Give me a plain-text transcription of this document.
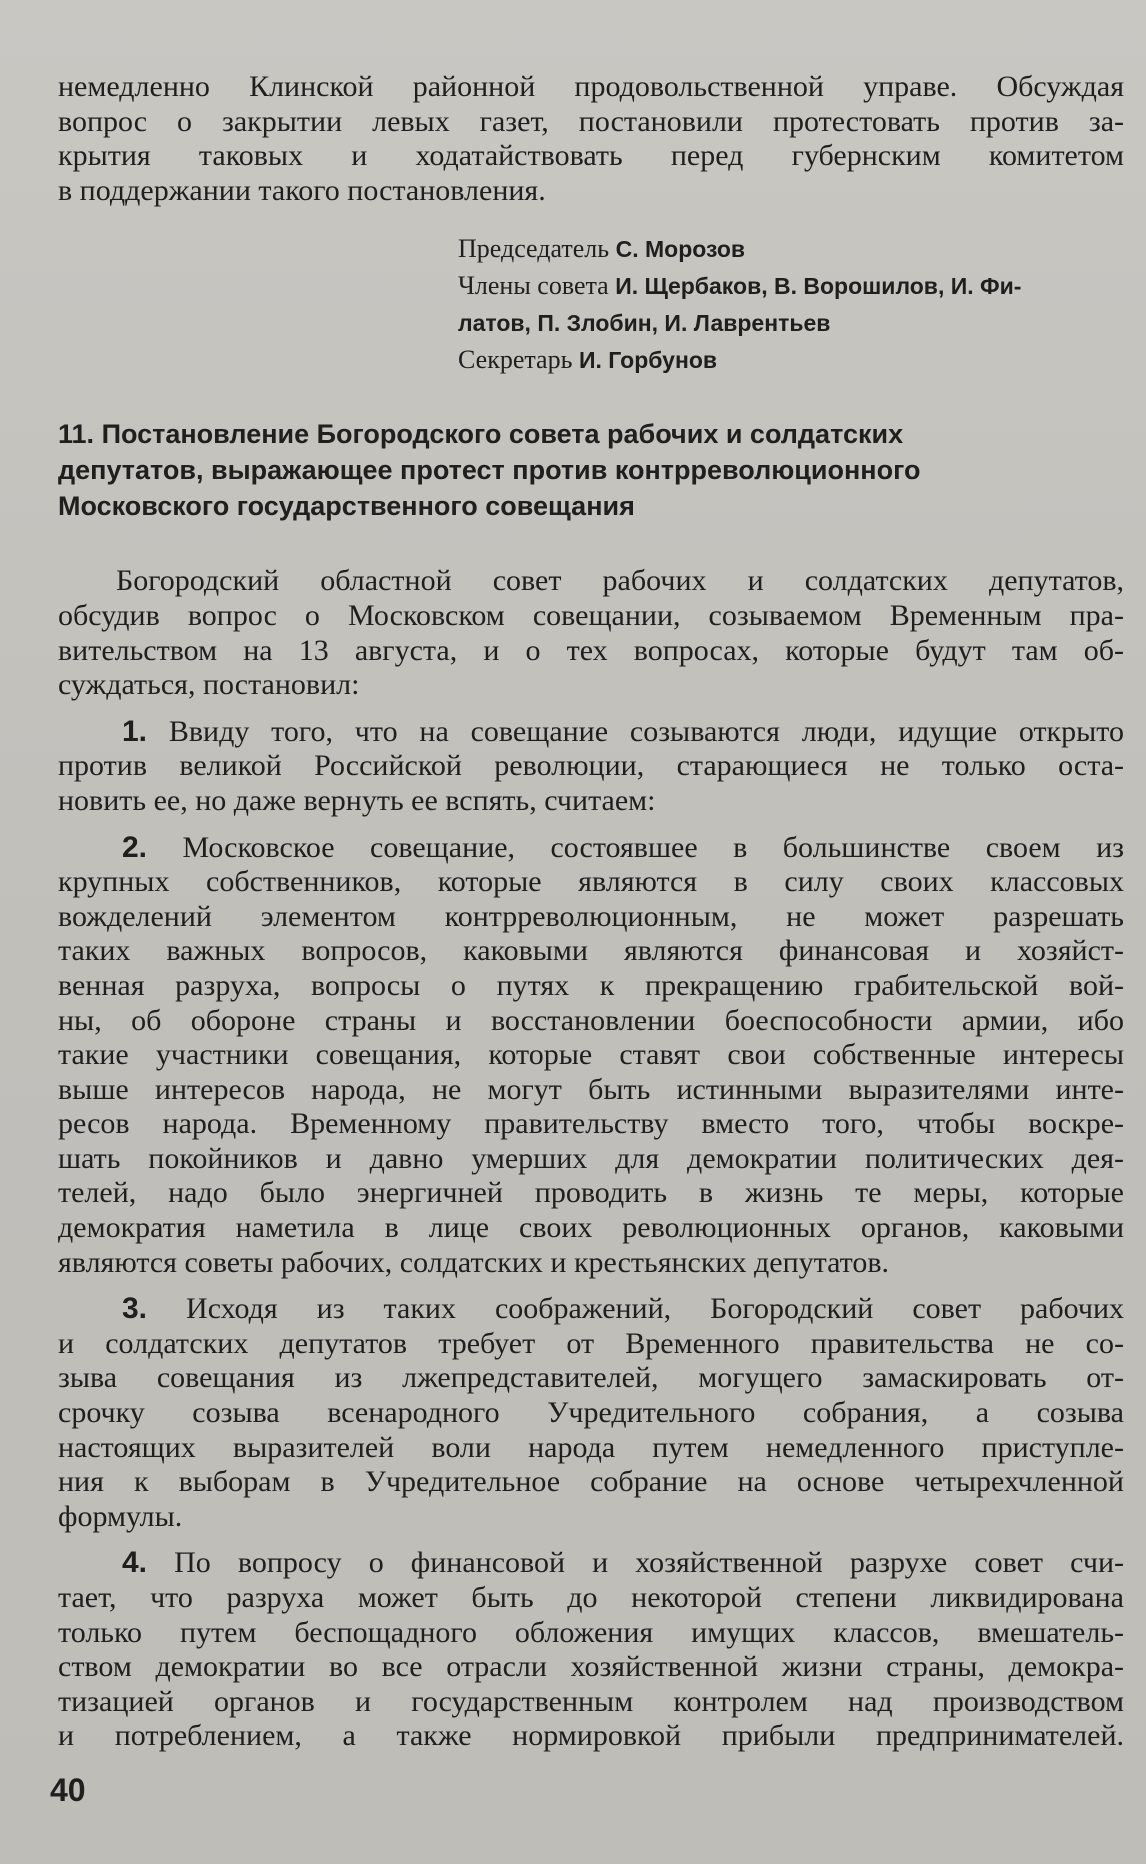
немедленно Клинской районной продовольственной управе. Обсуждая
вопрос о закрытии левых газет, постановили протестовать против за-
крытия таковых и ходатайствовать перед губернским комитетом
в поддержании такого постановления.
Председатель С. Морозов
Члены совета И. Щербаков, В. Ворошилов, И. Фи-
латов, П. Злобин, И. Лаврентьев
Секретарь И. Горбунов
11. Постановление Богородского совета рабочих и солдатских
депутатов, выражающее протест против контрреволюционного
Московского государственного совещания
Богородский областной совет рабочих и солдатских депутатов,
обсудив вопрос о Московском совещании, созываемом Временным пра-
вительством на 13 августа, и о тех вопросах, которые будут там об-
суждаться, постановил:
1. Ввиду того, что на совещание созываются люди, идущие открыто
против великой Российской революции, старающиеся не только оста-
новить ее, но даже вернуть ее вспять, считаем:
2. Московское совещание, состоявшее в большинстве своем из
крупных собственников, которые являются в силу своих классовых
вожделений элементом контрреволюционным, не может разрешать
таких важных вопросов, каковыми являются финансовая и хозяйст-
венная разруха, вопросы о путях к прекращению грабительской вой-
ны, об обороне страны и восстановлении боеспособности армии, ибо
такие участники совещания, которые ставят свои собственные интересы
выше интересов народа, не могут быть истинными выразителями инте-
ресов народа. Временному правительству вместо того, чтобы воскре-
шать покойников и давно умерших для демократии политических дея-
телей, надо было энергичней проводить в жизнь те меры, которые
демократия наметила в лице своих революционных органов, каковыми
являются советы рабочих, солдатских и крестьянских депутатов.
3. Исходя из таких соображений, Богородский совет рабочих
и солдатских депутатов требует от Временного правительства не со-
зыва совещания из лжепредставителей, могущего замаскировать от-
срочку созыва всенародного Учредительного собрания, а созыва
настоящих выразителей воли народа путем немедленного приступле-
ния к выборам в Учредительное собрание на основе четырехчленной
формулы.
4. По вопросу о финансовой и хозяйственной разрухе совет счи-
тает, что разруха может быть до некоторой степени ликвидирована
только путем беспощадного обложения имущих классов, вмешатель-
ством демократии во все отрасли хозяйственной жизни страны, демокра-
тизацией органов и государственным контролем над производством
и потреблением, а также нормировкой прибыли предпринимателей.
40
